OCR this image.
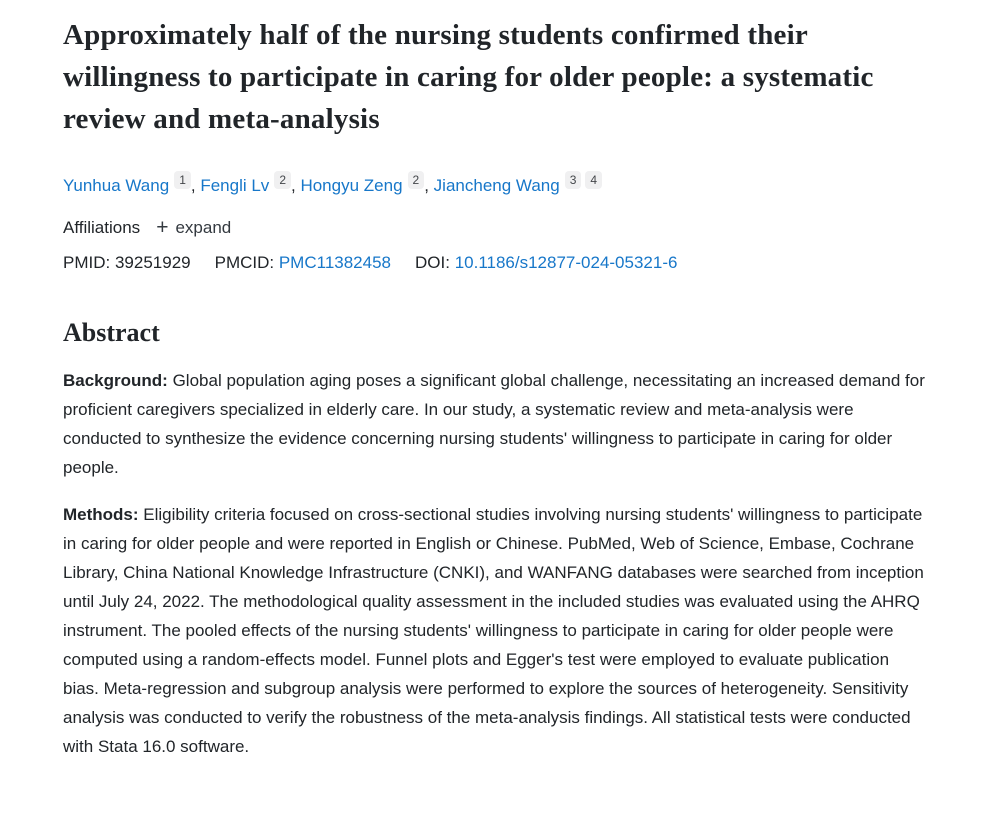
Approximately half of the nursing students confirmed their willingness to participate in caring for older people: a systematic review and meta-analysis
Yunhua Wang 1 , Fengli Lv 2 , Hongyu Zeng 2 , Jiancheng Wang 3 4
Affiliations + expand
PMID: 39251929 PMCID: PMC11382458 DOI: 10.1186/s12877-024-05321-6
Abstract

Background: Global population aging poses a significant global challenge, necessitating an increased demand for proficient caregivers specialized in elderly care. In our study, a systematic review and meta-analysis were conducted to synthesize the evidence concerning nursing students' willingness to participate in caring for older people.

Methods: Eligibility criteria focused on cross-sectional studies involving nursing students' willingness to participate in caring for older people and were reported in English or Chinese. PubMed, Web of Science, Embase, Cochrane Library, China National Knowledge Infrastructure (CNKI), and WANFANG databases were searched from inception until July 24, 2022. The methodological quality assessment in the included studies was evaluated using the AHRQ instrument. The pooled effects of the nursing students' willingness to participate in caring for older people were computed using a random-effects model. Funnel plots and Egger's test were employed to evaluate publication bias. Meta-regression and subgroup analysis were performed to explore the sources of heterogeneity. Sensitivity analysis was conducted to verify the robustness of the meta-analysis findings. All statistical tests were conducted with Stata 16.0 software.
